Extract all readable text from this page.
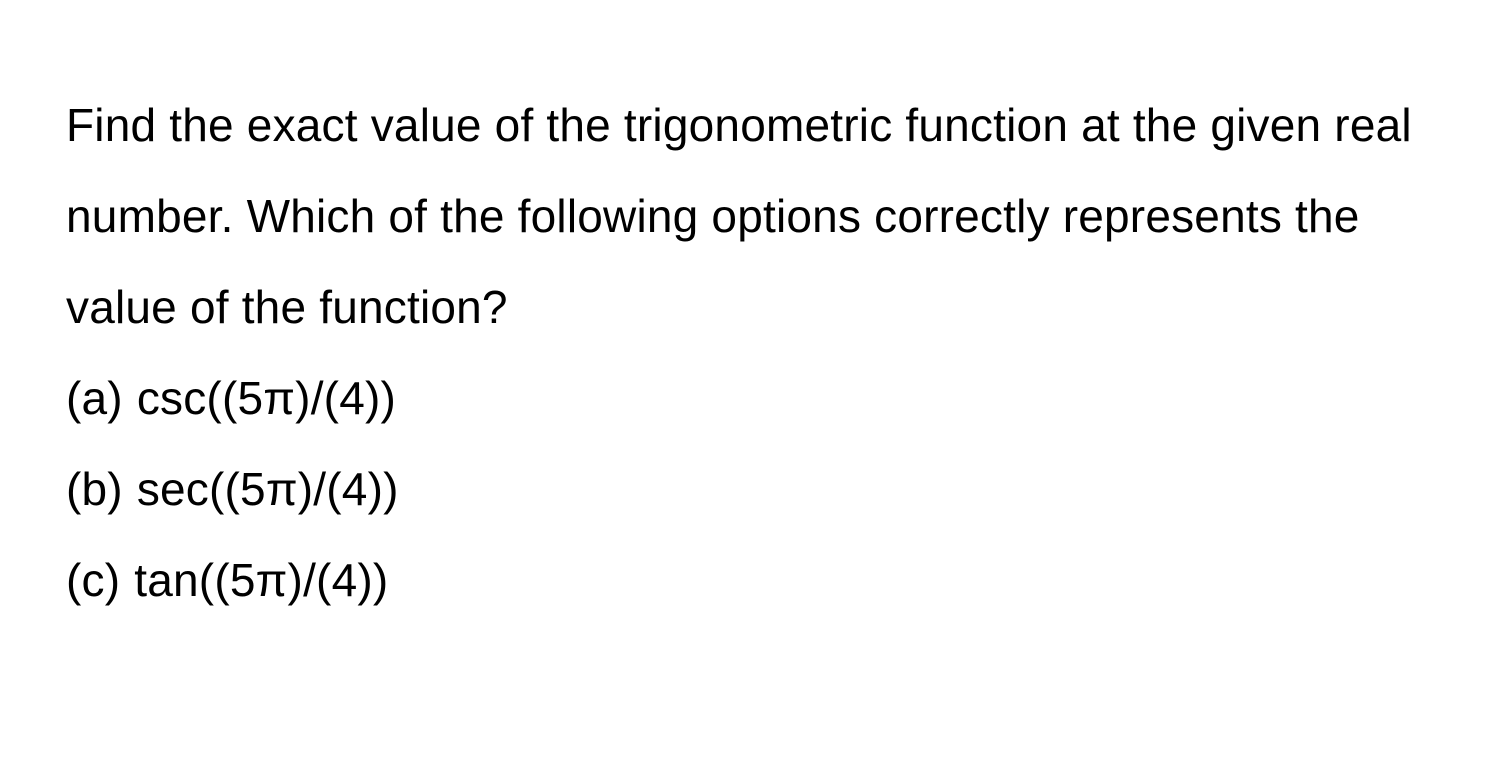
Find the exact value of the trigonometric function at the given real number. Which of the following options correctly represents the value of the function?

(a) csc((5π)/(4))
(b) sec((5π)/(4))
(c) tan((5π)/(4))
